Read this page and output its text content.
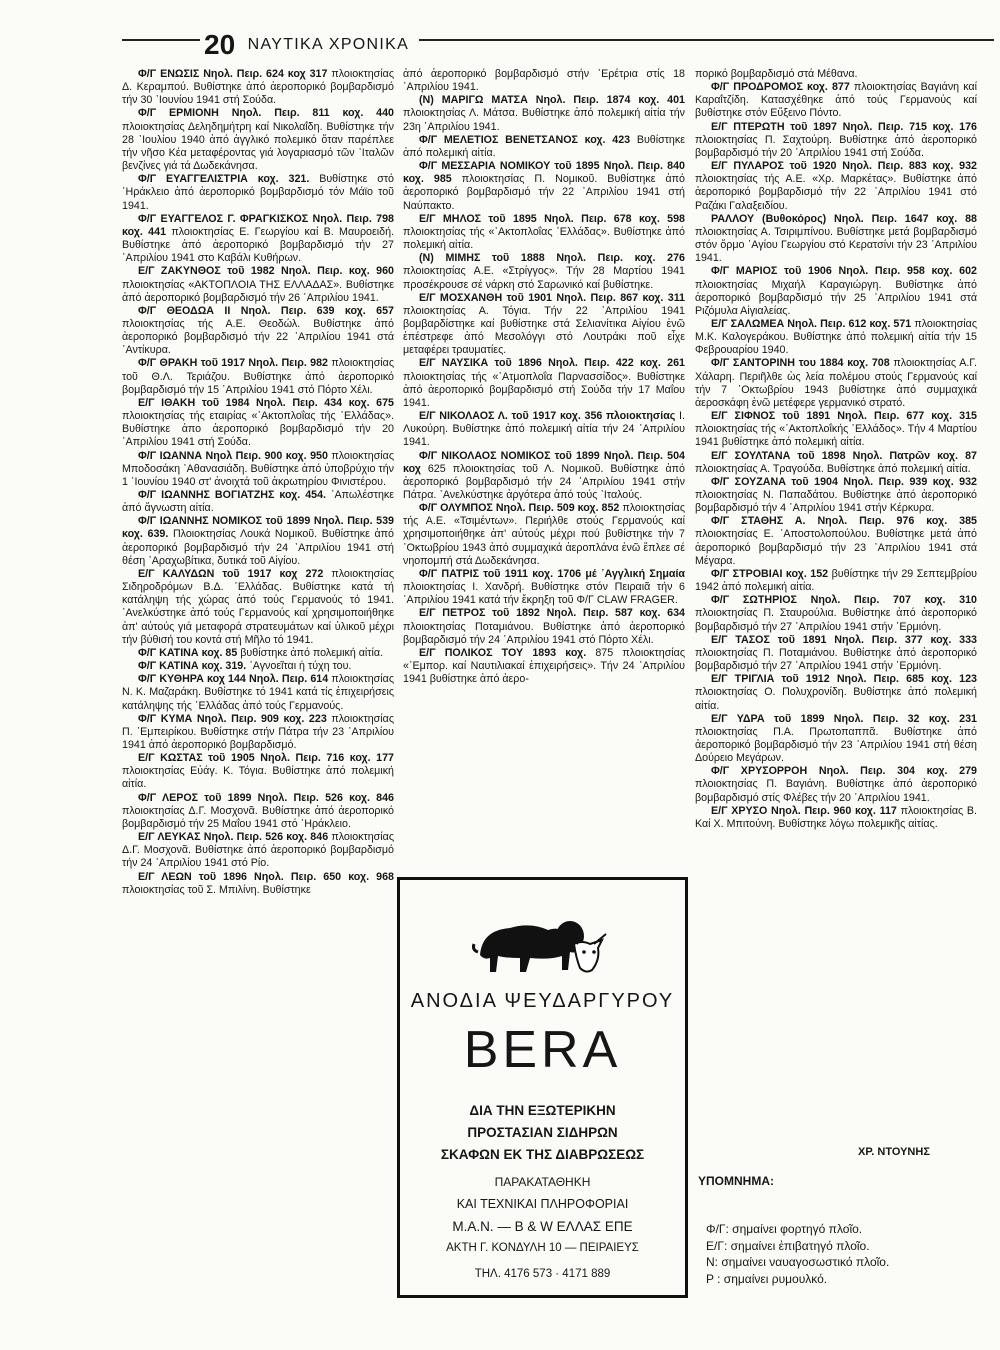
20 ΝΑΥΤΙΚΑ ΧΡΟΝΙΚΑ
Φ/Γ ΕΝΩΣΙΣ Νηολ. Πειρ. 624 κοχ 317 πλοιοκτησίας Δ. Κεραμπού. Βυθίστηκε ἀπό ἀεροπορικό βομβαρδισμό τήν 30 ᾿Ιουνίου 1941 στή Σούδα.
Φ/Γ ΕΡΜΙΟΝΗ Νηολ. Πειρ. 811 κοχ. 440 πλοιοκτησίας Δεληδημήτρη καί Νικολαΐδη. Βυθίστηκε τήν 28 ᾿Ιουλίου 1940 ἀπό ἀγγλικό πολεμικό ὅταν παρέπλεε τήν νῆσο Κέα μεταφέροντας γιά λογαριασμό τῶν ᾿Ιταλῶν βενζίνες γιά τά Δωδεκάνησα.
Φ/Γ ΕΥΑΓΓΕΛΙΣΤΡΙΑ κοχ. 321. Βυθίστηκε στό ῾Ηράκλειο ἀπό ἀεροπορικό βομβαρδισμό τόν Μάϊο τοῦ 1941.
Φ/Γ ΕΥΑΓΓΕΛΟΣ Γ. ΦΡΑΓΚΙΣΚΟΣ Νηολ. Πειρ. 798 κοχ. 441 πλοιοκτησίας Ε. Γεωργίου καί Β. Μαυροειδή. Βυθίστηκε ἀπό ἀεροπορικό βομβαρδισμό τήν 27 ᾿Απριλίου 1941 στο Καβάλι Κυθήρων.
Ε/Γ ΖΑΚΥΝΘΟΣ τοῦ 1982 Νηολ. Πειρ. κοχ. 960 πλοιοκτησίας «ΑΚΤΟΠΛΟΙΑ ΤΗΣ ΕΛΛΑΔΑΣ». Βυθίστηκε ἀπό ἀεροπορικό βομβαρδισμό τήν 26 ᾿Απριλίου 1941.
Φ/Γ ΘΕΟΔΩΑ ΙΙ Νηολ. Πειρ. 639 κοχ. 657 πλοιοκτησίας τής Α.Ε. Θεοδώλ. Βυθίστηκε ἀπό ἀεροπορικό βομβαρδισμό τήν 22 ᾿Απριλίου 1941 στά ᾿Αντίκυρα.
Φ/Γ ΘΡΑΚΗ τοῦ 1917 Νηολ. Πειρ. 982 πλοιοκτησίας τοῦ Θ.Λ. Τεριάζου. Βυθίστηκε ἀπό ἀεροπορικό βομβαρδισμό τήν 15 ᾿Απριλίου 1941 στό Πόρτο Χέλι.
Ε/Γ ΙΘΑΚΗ τοῦ 1984 Νηολ. Πειρ. 434 κοχ. 675 πλοιοκτησίας τής εταιρίας «᾿Ακτοπλοΐας τής ῾Ελλάδας». Βυθίστηκε ἀπο ἀεροπορικό βομβαρδισμό τήν 20 ᾿Απριλίου 1941 στή Σούδα.
Φ/Γ ΙΩΑΝΝΑ Νηολ Πειρ. 900 κοχ. 950 πλοιοκτησίας Μποδοσάκη ᾿Αθανασιάδη. Βυθίστηκε ἀπό ὑποβρύχιο τήν 1 ᾿Ιουνίου 1940 στ' ἀνοιχτά τοῦ ἀκρωτηρίου Φινιστέρου.
Φ/Γ ΙΩΑΝΝΗΣ ΒΟΓΙΑΤΖΗΣ κοχ. 454. ᾿Απωλέστηκε ἀπό ἄγνωστη αἰτία.
Φ/Γ ΙΩΑΝΝΗΣ ΝΟΜΙΚΟΣ τοῦ 1899 Νηολ. Πειρ. 539 κοχ. 639. Πλοιοκτησίας Λουκά Νομικοῦ. Βυθίστηκε ἀπό ἀεροπορικό βομβαρδισμό τήν 24 ᾿Απριλίου 1941 στή θέση ᾿Αραχωβίτικα, δυτικά τοῦ Αἰγίου.
Ε/Γ ΚΑΛΥΔΩΝ τοῦ 1917 κοχ 272 πλοιοκτησίας Σιδηροδρόμων Β.Δ. ῾Ελλάδας. Βυθίστηκε κατά τή κατάληψη τής χώρας ἀπό τούς Γερμανούς τό 1941. ᾿Ανελκύστηκε ἀπό τούς Γερμανούς καί χρησιμοποιήθηκε ἀπ' αὐτούς γιά μεταφορά στρατευμάτων καί ὑλικοῦ μέχρι τήν βύθισή του κοντά στή Μῆλο τό 1941.
Φ/Γ ΚΑΤΙΝΑ κοχ. 85 βυθίστηκε ἀπό πολεμική αἰτία.
Φ/Γ ΚΑΤΙΝΑ κοχ. 319. ᾿Αγνοεῖται ἡ τύχη του.
Φ/Γ ΚΥΘΗΡΑ κοχ 144 Νηολ. Πειρ. 614 πλοιοκτησίας Ν. Κ. Μαζαράκη. Βυθίστηκε τό 1941 κατά τίς ἐπιχειρήσεις κατάληψης τής ῾Ελλάδας ἀπό τούς Γερμανούς.
Φ/Γ ΚΥΜΑ Νηολ. Πειρ. 909 κοχ. 223 πλοιοκτησίας Π. ᾿Εμπειρίκου. Βυθίστηκε στήν Πάτρα τήν 23 ᾿Απριλίου 1941 ἀπό ἀεροπορικό βομβαρδισμό.
Ε/Γ ΚΩΣΤΑΣ τοῦ 1905 Νηολ. Πειρ. 716 κοχ. 177 πλοιοκτησίας Εὐάγ. Κ. Τόγια. Βυθίστηκε ἀπό πολεμική αἰτία.
Φ/Γ ΛΕΡΟΣ τοῦ 1899 Νηολ. Πειρ. 526 κοχ. 846 πλοιοκτησίας Δ.Γ. Μοσχονᾶ. Βυθίστηκε ἀπό ἀεροπορικό βομβαρδισμό τήν 25 Μαΐου 1941 στό ῾Ηράκλειο.
Ε/Γ ΛΕΥΚΑΣ Νηολ. Πειρ. 526 κοχ. 846 πλοιοκτησίας Δ.Γ. Μοσχονᾶ. Βυθίστηκε ἀπό ἀεροπορικό βομβαρδισμό τήν 24 ᾿Απριλίου 1941 στό Ρίο.
Ε/Γ ΛΕΩΝ τοῦ 1896 Νηολ. Πειρ. 650 κοχ. 968 πλοιοκτησίας τοῦ Σ. Μπιλίνη. Βυθίστηκε
ἀπό ἀεροπορικό βομβαρδισμό στήν ᾿Ερέτρια στίς 18 ᾿Απριλίου 1941.
(Ν) ΜΑΡΙΓΩ ΜΑΤΣΑ Νηολ. Πειρ. 1874 κοχ. 401 πλοιοκτησίας Λ. Μάτσα. Βυθίστηκε ἀπό πολεμική αἰτία τήν 23η ᾿Απριλίου 1941.
Φ/Γ ΜΕΛΕΤΙΟΣ ΒΕΝΕΤΣΑΝΟΣ κοχ. 423 Βυθίστηκε ἀπό πολεμική αἰτία.
Φ/Γ ΜΕΣΣΑΡΙΑ ΝΟΜΙΚΟΥ τοῦ 1895 Νηολ. Πειρ. 840 κοχ. 985 πλοιοκτησίας Π. Νομικοῦ. Βυθίστηκε ἀπό ἀεροπορικό βομβαρδισμό τήν 22 ᾿Απριλίου 1941 στή Ναύπακτο.
Ε/Γ ΜΗΛΟΣ τοῦ 1895 Νηολ. Πειρ. 678 κοχ. 598 πλοιοκτησίας τής «᾿Ακτοπλοΐας ῾Ελλάδας». Βυθίστηκε ἀπό πολεμική αἰτία.
(Ν) ΜΙΜΗΣ τοῦ 1888 Νηολ. Πειρ. κοχ. 276 πλοιοκτησίας Α.Ε. «Στρίγγος». Τήν 28 Μαρτίου 1941 προσέκρουσε σέ νάρκη στό Σαρωνικό καί βυθίστηκε.
Ε/Γ ΜΟΣΧΑΝΘΗ τοῦ 1901 Νηολ. Πειρ. 867 κοχ. 311 πλοιοκτησίας Α. Τόγια. Τήν 22 ᾿Απριλίου 1941 βομβαρδίστηκε καί βυθίστηκε στά Σελιανίτικα Αἰγίου ἐνῶ ἐπέστρεφε ἀπό Μεσολόγγι στό Λουτράκι ποῦ εἶχε μεταφέρει τραυματίες.
Ε/Γ ΝΑΥΣΙΚΑ τοῦ 1896 Νηολ. Πειρ. 422 κοχ. 261 πλοιοκτησίας τής «᾿Ατμοπλοΐα Παρνασσίδος». Βυθίστηκε ἀπό ἀεροπορικό βομβαρδισμό στή Σούδα τήν 17 Μαΐου 1941.
Ε/Γ ΝΙΚΟΛΑΟΣ Λ. τοῦ 1917 κοχ. 356 πλοιοκτησίας Ι. Λυκούρη. Βυθίστηκε ἀπό πολεμική αἰτία τήν 24 ᾿Απριλίου 1941.
Φ/Γ ΝΙΚΟΛΑΟΣ ΝΟΜΙΚΟΣ τοῦ 1899 Νηολ. Πειρ. 504 κοχ 625 πλοιοκτησίας τοῦ Λ. Νομικοῦ. Βυθίστηκε ἀπό ἀεροπορικό βομβαρδισμό τήν 24 ᾿Απριλίου 1941 στήν Πάτρα. ᾿Ανελκύστηκε ἀργότερα ἀπό τούς ᾿Ιταλούς.
Φ/Γ ΟΛΥΜΠΟΣ Νηολ. Πειρ. 509 κοχ. 852 πλοιοκτησίας τής Α.Ε. «Τσιμέντων». Περιήλθε στούς Γερμανούς καί χρησιμοποιήθηκε ἀπ' αὐτούς μέχρι πού βυθίστηκε τήν 7 ᾿Οκτωβρίου 1943 ἀπό συμμαχικά ἀεροπλάνα ἐνῶ ἔπλεε σέ νηοπομπή στά Δωδεκάνησα.
Φ/Γ ΠΑΤΡΙΣ τοῦ 1911 κοχ. 1706 μέ ᾿Αγγλική Σημαία πλοιοκτησίας Ι. Χανδρή. Βυθίστηκε στόν Πειραιᾶ τήν 6 ᾿Απριλίου 1941 κατά τήν ἔκρηξη τοῦ Φ/Γ CLAW FRAGER.
Ε/Γ ΠΕΤΡΟΣ τοῦ 1892 Νηολ. Πειρ. 587 κοχ. 634 πλοιοκτησίας Ποταμιάνου. Βυθίστηκε ἀπό ἀεροπορικό βομβαρδισμό τήν 24 ᾿Απριλίου 1941 στό Πόρτο Χέλι.
Ε/Γ ΠΟΛΙΚΟΣ ΤΟΥ 1893 κοχ. 875 πλοιοκτησίας «᾿Εμπορ. καί Ναυτιλιακαί ἐπιχειρήσεις». Τήν 24 ᾿Απριλίου 1941 βυθίστηκε ἀπό ἀερο-
πορικό βομβαρδισμό στά Μέθανα.
Φ/Γ ΠΡΟΔΡΟΜΟΣ κοχ. 877 πλοιοκτησίας Βαγιάνη καί Καραΐτζίδη. Κατασχέθηκε ἀπό τούς Γερμανούς καί βυθίστηκε στόν Εὔξεινο Πόντο.
Ε/Γ ΠΤΕΡΩΤΗ τοῦ 1897 Νηολ. Πειρ. 715 κοχ. 176 πλοιοκτησίας Π. Σαχτούρη. Βυθίστηκε ἀπό ἀεροπορικό βομβαρδισμό τήν 20 ᾿Απριλίου 1941 στή Σούδα.
Ε/Γ ΠΥΛΑΡΟΣ τοῦ 1920 Νηολ. Πειρ. 883 κοχ. 932 πλοιοκτησίας τής Α.Ε. «Χρ. Μαρκέτας». Βυθίστηκε ἀπό ἀεροπορικό βομβαρδισμό τήν 22 ᾿Απριλίου 1941 στό Ραζάκι Γαλαξειδίου.
ΡΑΛΛΟΥ (Βυθοκόρος) Νηολ. Πειρ. 1647 κοχ. 88 πλοιοκτησίας Α. Τσιριμπίνου. Βυθίστηκε μετά βομβαρδισμό στόν ὅρμο ᾿Αγίου Γεωργίου στό Κερατσίνι τήν 23 ᾿Απριλίου 1941.
Φ/Γ ΜΑΡΙΟΣ τοῦ 1906 Νηολ. Πειρ. 958 κοχ. 602 πλοιοκτησίας Μιχαήλ Καραγιώργη. Βυθίστηκε ἀπό ἀεροπορικό βομβαρδισμό τήν 25 ᾿Απριλίου 1941 στά Ριζόμυλα Αἰγιαλείας.
Ε/Γ ΣΑΛΩΜΕΑ Νηολ. Πειρ. 612 κοχ. 571 πλοιοκτησίας Μ.Κ. Καλογεράκου. Βυθίστηκε ἀπό πολεμική αἰτία τήν 15 Φεβρουαρίου 1940.
Φ/Γ ΣΑΝΤΟΡΙΝΗ του 1884 κοχ. 708 πλοιοκτησίας Α.Γ. Χάλαρη. Περιῆλθε ὡς λεία πολέμου στούς Γερμανούς καί τήν 7 ᾿Οκτωβρίου 1943 βυθίστηκε ἀπό συμμαχικά ἀεροσκάφη ἐνῶ μετέφερε γερμανικό στρατό.
Ε/Γ ΣΙΦΝΟΣ τοῦ 1891 Νηολ. Πειρ. 677 κοχ. 315 πλοιοκτησίας τής «᾿Ακτοπλοΐκής ῾Ελλάδος». Τήν 4 Μαρτίου 1941 βυθίστηκε ἀπό πολεμική αἰτία.
Ε/Γ ΣΟΥΛΤΑΝΑ τοῦ 1898 Νηολ. Πατρῶν κοχ. 87 πλοιοκτησίας Α. Τραγούδα. Βυθίστηκε ἀπό πολεμική αἰτία.
Φ/Γ ΣΟΥΖΑΝΑ τοῦ 1904 Νηολ. Πειρ. 939 κοχ. 932 πλοιοκτησίας Ν. Παπαδάτου. Βυθίστηκε ἀπό ἀεροπορικό βομβαρδισμό τήν 4 ᾿Απριλίου 1941 στήν Κέρκυρα.
Φ/Γ ΣΤΑΘΗΣ Α. Νηολ. Πειρ. 976 κοχ. 385 πλοιοκτησίας Ε. ᾿Αποστολοπούλου. Βυθίστηκε μετά ἀπό ἀεροπορικό βομβαρδισμό τήν 23 ᾿Απριλίου 1941 στά Μέγαρα.
Φ/Γ ΣΤΡΟΒΙΑΙ κοχ. 152 βυθίστηκε τήν 29 Σεπτεμβρίου 1942 ἀπό πολεμική αἰτία.
Φ/Γ ΣΩΤΗΡΙΟΣ Νηολ. Πειρ. 707 κοχ. 310 πλοιοκτησίας Π. Σταυρούλια. Βυθίστηκε ἀπό ἀεροπορικό βομβαρδισμό τήν 27 ᾿Απριλίου 1941 στήν ᾿Ερμιόνη.
Ε/Γ ΤΑΣΟΣ τοῦ 1891 Νηολ. Πειρ. 377 κοχ. 333 πλοιοκτησίας Π. Ποταμιάνου. Βυθίστηκε ἀπό ἀεροπορικό βομβαρδισμό τήν 27 ᾿Απριλίου 1941 στήν ᾿Ερμιόνη.
Ε/Γ ΤΡΙΓΛΙΑ τοῦ 1912 Νηολ. Πειρ. 685 κοχ. 123 πλοιοκτησίας Ο. Πολυχρονίδη. Βυθίστηκε ἀπό πολεμική αἰτία.
Ε/Γ ΥΔΡΑ τοῦ 1899 Νηολ. Πειρ. 32 κοχ. 231 πλοιοκτησίας Π.Α. Πρωτοπαππᾶ. Βυθίστηκε ἀπό ἀεροπορικό βομβαρδισμό τήν 23 ᾿Απριλίου 1941 στή θέση Δούρειο Μεγάρων.
Φ/Γ ΧΡΥΣΟΡΡΟΗ Νηολ. Πειρ. 304 κοχ. 279 πλοιοκτησίας Π. Βαγιάνη. Βυθίστηκε ἀπό ἀεροπορικό βομβαρδισμό στίς Φλέβες τήν 20 ᾿Απριλίου 1941.
Ε/Γ ΧΡΥΣΟ Νηολ. Πειρ. 960 κοχ. 117 πλοιοκτησίας Β. Καί Χ. Μπιτούνη. Βυθίστηκε λόγω πολεμικῆς αἰτίας.
ΑΝΟΔΙΑ ΨΕΥΔΑΡΓΥΡΟΥ
BERA
ΔΙΑ ΤΗΝ ΕΞΩΤΕΡΙΚΗΝ
ΠΡΟΣΤΑΣΙΑΝ ΣΙΔΗΡΩΝ
ΣΚΑΦΩΝ ΕΚ ΤΗΣ ΔΙΑΒΡΩΣΕΩΣ
ΠΑΡΑΚΑΤΑΘΗΚΗ
ΚΑΙ ΤΕΧΝΙΚΑΙ ΠΛΗΡΟΦΟΡΙΑΙ
Μ.Α.Ν. — Β & W ΕΛΛΑΣ ΕΠΕ
ΑΚΤΗ Γ. ΚΟΝΔΥΛΗ 10 — ΠΕΙΡΑΙΕΥΣ
ΤΗΛ. 4176 573 · 4171 889
ΧΡ. ΝΤΟΥΝΗΣ
ΥΠΟΜΝΗΜΑ:
Φ/Γ: σημαίνει φορτηγό πλοῖο.
Ε/Γ: σημαίνει ἐπιβατηγό πλοῖο.
Ν: σημαίνει ναυαγοσωστικό πλοῖο.
Ρ : σημαίνει ρυμουλκό.
